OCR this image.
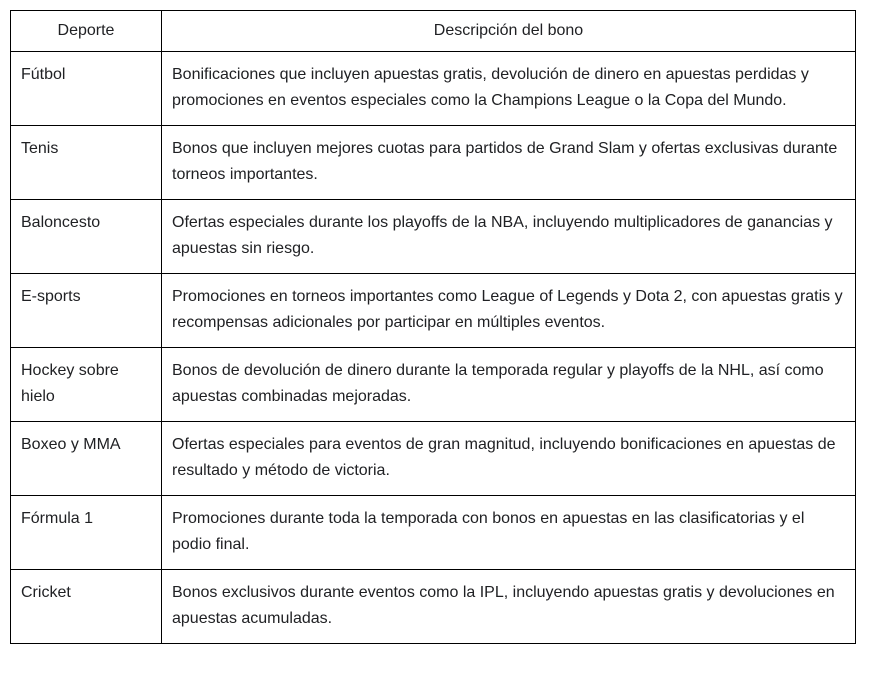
Deporte	Descripción del bono
Fútbol	Bonificaciones que incluyen apuestas gratis, devolución de dinero en apuestas perdidas y promociones en eventos especiales como la Champions League o la Copa del Mundo.
Tenis	Bonos que incluyen mejores cuotas para partidos de Grand Slam y ofertas exclusivas durante torneos importantes.
Baloncesto	Ofertas especiales durante los playoffs de la NBA, incluyendo multiplicadores de ganancias y apuestas sin riesgo.
E-sports	Promociones en torneos importantes como League of Legends y Dota 2, con apuestas gratis y recompensas adicionales por participar en múltiples eventos.
Hockey sobre hielo	Bonos de devolución de dinero durante la temporada regular y playoffs de la NHL, así como apuestas combinadas mejoradas.
Boxeo y MMA	Ofertas especiales para eventos de gran magnitud, incluyendo bonificaciones en apuestas de resultado y método de victoria.
Fórmula 1	Promociones durante toda la temporada con bonos en apuestas en las clasificatorias y el podio final.
Cricket	Bonos exclusivos durante eventos como la IPL, incluyendo apuestas gratis y devoluciones en apuestas acumuladas.
